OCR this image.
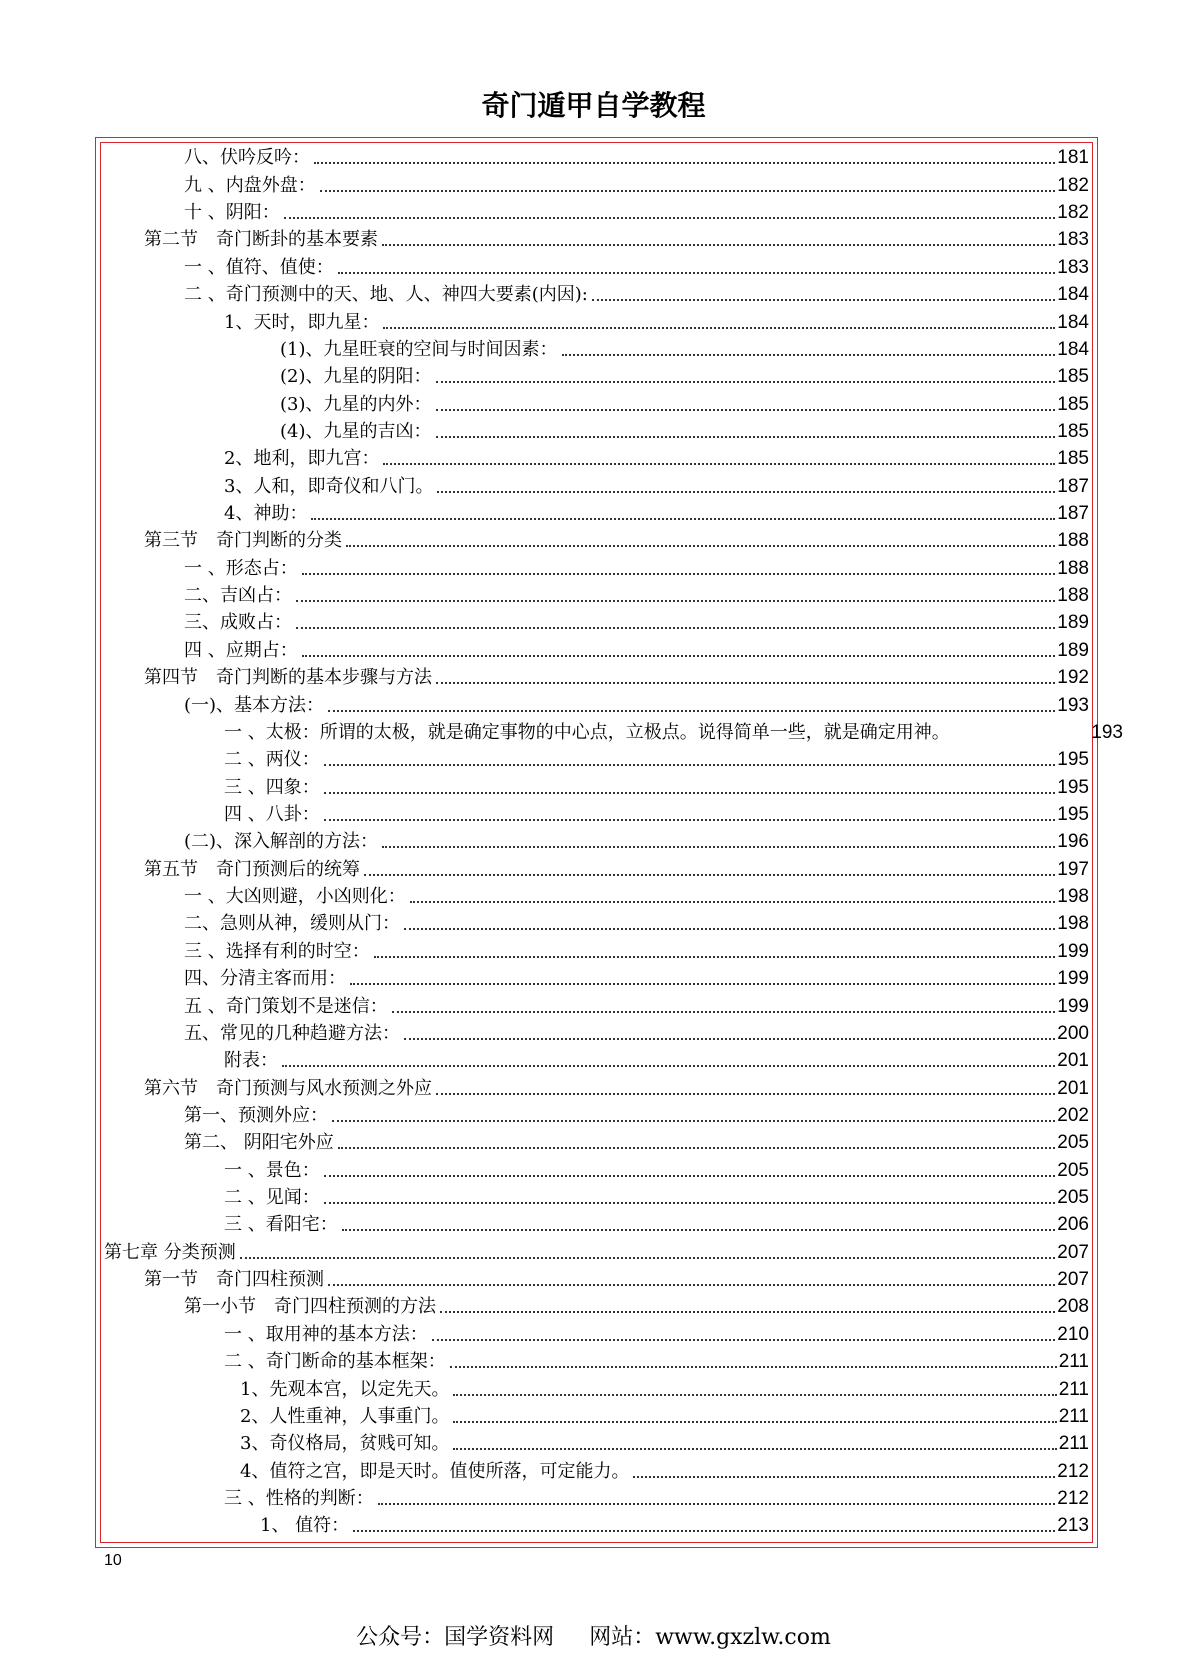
奇门遁甲自学教程
八、伏吟反吟：	181
九 、内盘外盘：	182
十 、阴阳：	182
第二节　奇门断卦的基本要素	183
一 、值符、值使：	183
二 、奇门预测中的天、地、人、神四大要素(内因):	184
1、天时，即九星：	184
(1)、九星旺衰的空间与时间因素：	184
(2)、九星的阴阳：	185
(3)、九星的内外：	185
(4)、九星的吉凶：	185
2、地利，即九宫：	185
3、人和，即奇仪和八门。	187
4、神助：	187
第三节　奇门判断的分类	188
一 、形态占：	188
二、吉凶占：	188
三、成败占：	189
四 、应期占：	189
第四节　奇门判断的基本步骤与方法	192
(一)、基本方法：	193
一 、太极：所谓的太极，就是确定事物的中心点，立极点。说得简单一些，就是确定用神。	193
二 、两仪：	195
三 、四象：	195
四 、八卦：	195
(二)、深入解剖的方法：	196
第五节　奇门预测后的统筹	197
一 、大凶则避，小凶则化：	198
二、急则从神，缓则从门：	198
三 、选择有利的时空：	199
四、分清主客而用：	199
五 、奇门策划不是迷信：	199
五、常见的几种趋避方法：	200
附表：	201
第六节　奇门预测与风水预测之外应	201
第一、预测外应：	202
第二、 阴阳宅外应	205
一 、景色：	205
二 、见闻：	205
三 、看阳宅：	206
第七章 分类预测	207
第一节　奇门四柱预测	207
第一小节　奇门四柱预测的方法	208
一 、取用神的基本方法：	210
二 、奇门断命的基本框架：	211
1、先观本宫，以定先天。	211
2、人性重神，人事重门。	211
3、奇仪格局，贫贱可知。	211
4、值符之宫，即是天时。值使所落，可定能力。	212
三 、性格的判断：	212
1、 值符：	213
10
公众号：国学资料网 网站：www.gxzlw.com
